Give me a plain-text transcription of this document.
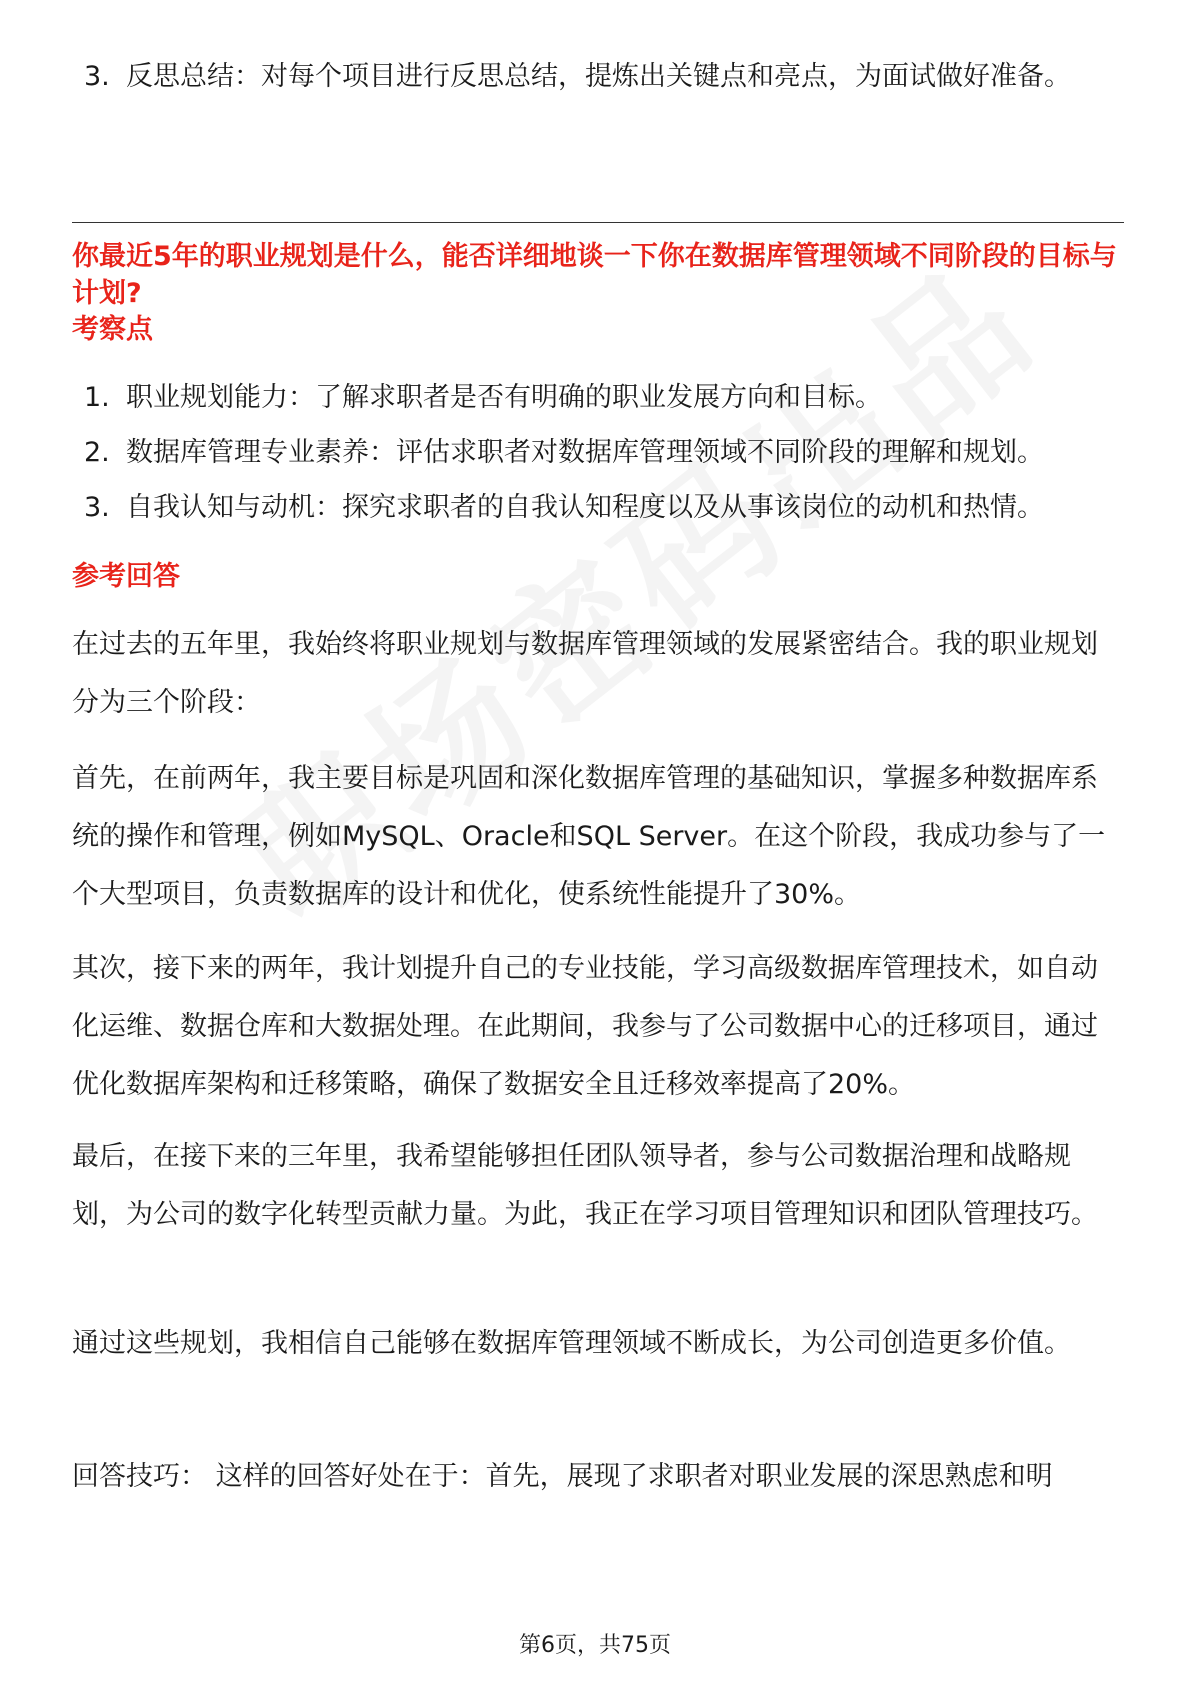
3. 反思总结：对每个项目进行反思总结，提炼出关键点和亮点，为面试做好准备。
你最近5年的职业规划是什么，能否详细地谈一下你在数据库管理领域不同阶段的目标与计划?
考察点
1. 职业规划能力：了解求职者是否有明确的职业发展方向和目标。
2. 数据库管理专业素养：评估求职者对数据库管理领域不同阶段的理解和规划。
3. 自我认知与动机：探究求职者的自我认知程度以及从事该岗位的动机和热情。
参考回答

在过去的五年里，我始终将职业规划与数据库管理领域的发展紧密结合。我的职业规划分为三个阶段：

首先，在前两年，我主要目标是巩固和深化数据库管理的基础知识，掌握多种数据库系统的操作和管理，例如MySQL、Oracle和SQL Server。在这个阶段，我成功参与了一个大型项目，负责数据库的设计和优化，使系统性能提升了30%。

其次，接下来的两年，我计划提升自己的专业技能，学习高级数据库管理技术，如自动化运维、数据仓库和大数据处理。在此期间，我参与了公司数据中心的迁移项目，通过优化数据库架构和迁移策略，确保了数据安全且迁移效率提高了20%。

最后，在接下来的三年里，我希望能够担任团队领导者，参与公司数据治理和战略规划，为公司的数字化转型贡献力量。为此，我正在学习项目管理知识和团队管理技巧。

通过这些规划，我相信自己能够在数据库管理领域不断成长，为公司创造更多价值。

回答技巧： 这样的回答好处在于：首先，展现了求职者对职业发展的深思熟虑和明

第6页，共75页
